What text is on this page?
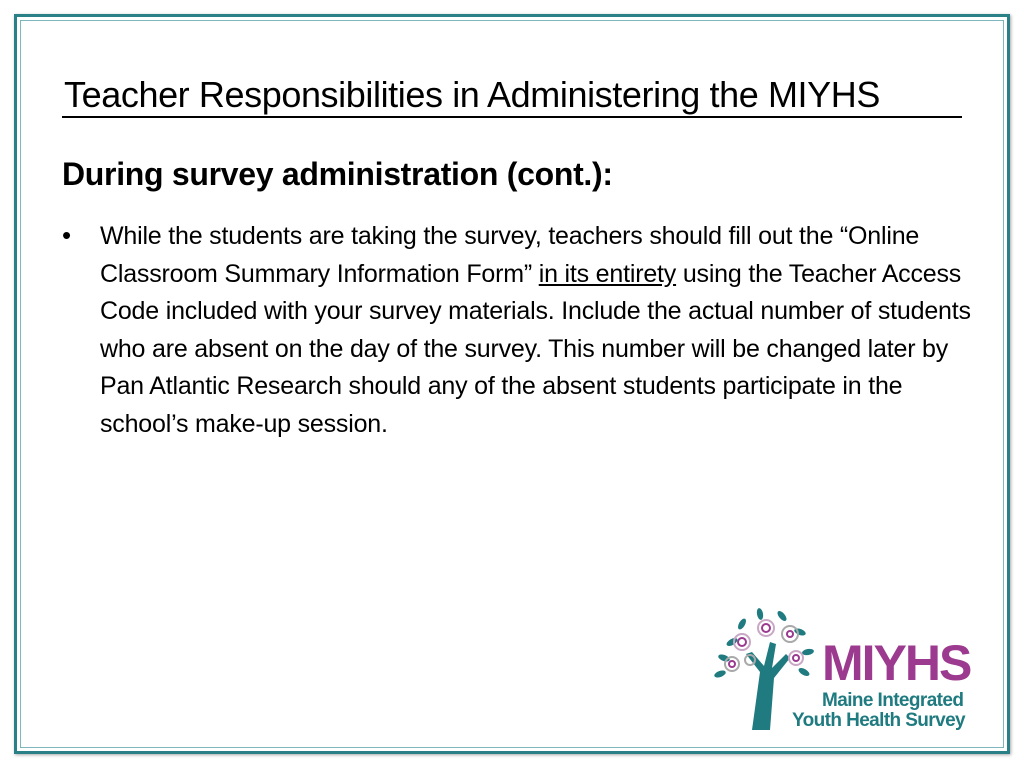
Teacher Responsibilities in Administering the MIYHS
During survey administration (cont.):
• While the students are taking the survey, teachers should fill out the “Online Classroom Summary Information Form” in its entirety using the Teacher Access Code included with your survey materials. Include the actual number of students who are absent on the day of the survey. This number will be changed later by Pan Atlantic Research should any of the absent students participate in the school’s make-up session.
MIYHS
Maine Integrated
Youth Health Survey
